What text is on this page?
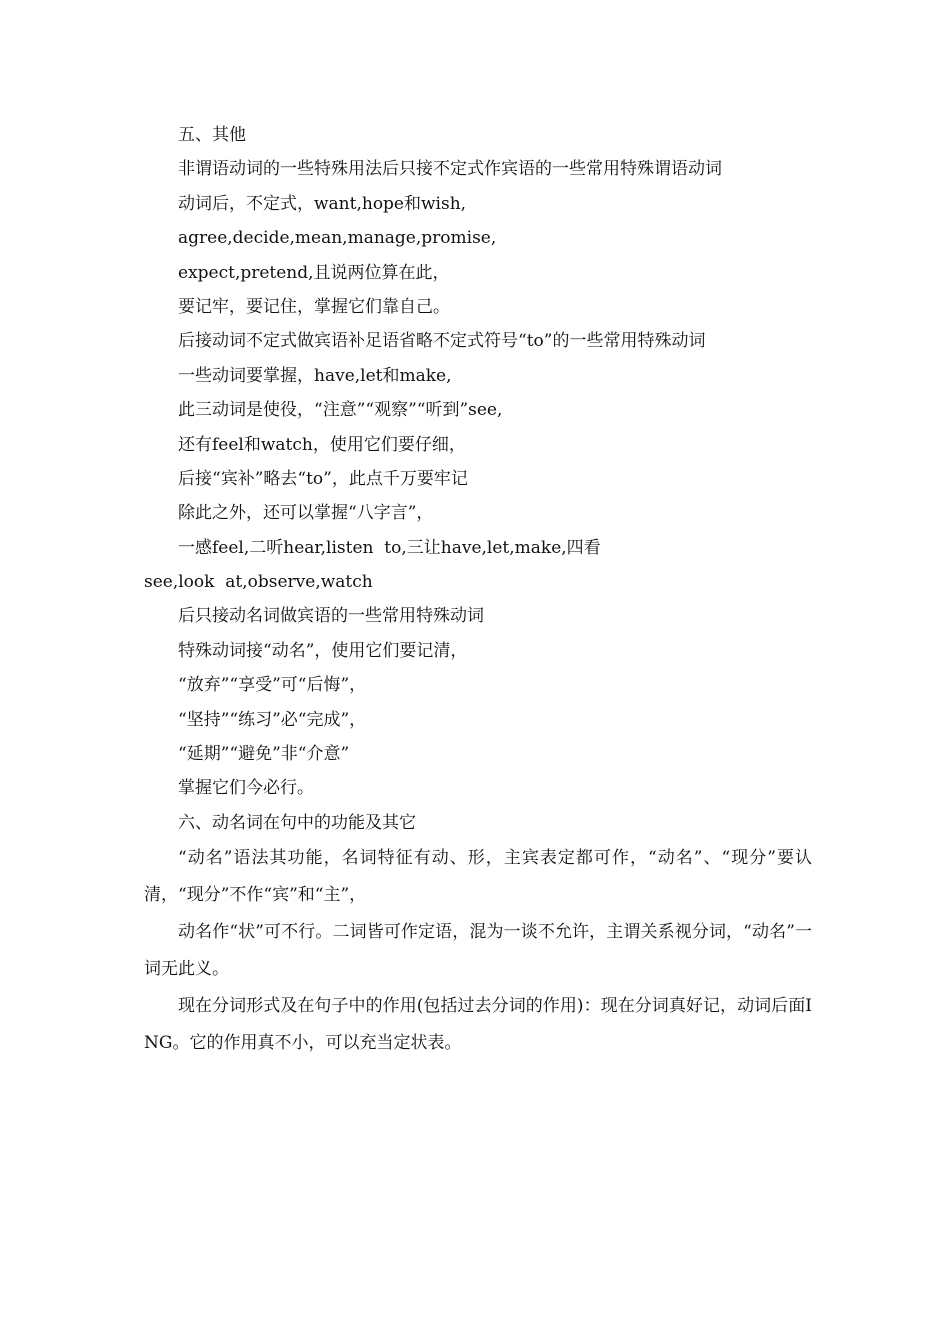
五、其他

非谓语动词的一些特殊用法后只接不定式作宾语的一些常用特殊谓语动词

动词后，不定式，want,hope和wish,

agree,decide,mean,manage,promise,

expect,pretend,且说两位算在此，

要记牢，要记住，掌握它们靠自己。

后接动词不定式做宾语补足语省略不定式符号“to”的一些常用特殊动词

一些动词要掌握，have,let和make,

此三动词是使役，“注意”“观察”“听到”see,

还有feel和watch，使用它们要仔细，

后接“宾补”略去“to”，此点千万要牢记

除此之外，还可以掌握“八字言”，

一感feel,二听hear,listen  to,三让have,let,make,四看

see,look  at,observe,watch

后只接动名词做宾语的一些常用特殊动词

特殊动词接“动名”，使用它们要记清，

“放弃”“享受”可“后悔”，

“坚持”“练习”必“完成”，

“延期”“避免”非“介意”

掌握它们今必行。

六、动名词在句中的功能及其它

“动名”语法其功能，名词特征有动、形，主宾表定都可作，“动名”、“现分”要认清，“现分”不作“宾”和“主”，

动名作“状”可不行。二词皆可作定语，混为一谈不允许，主谓关系视分词，“动名”一词无此义。

现在分词形式及在句子中的作用(包括过去分词的作用)：现在分词真好记，动词后面ING。它的作用真不小，可以充当定状表。
